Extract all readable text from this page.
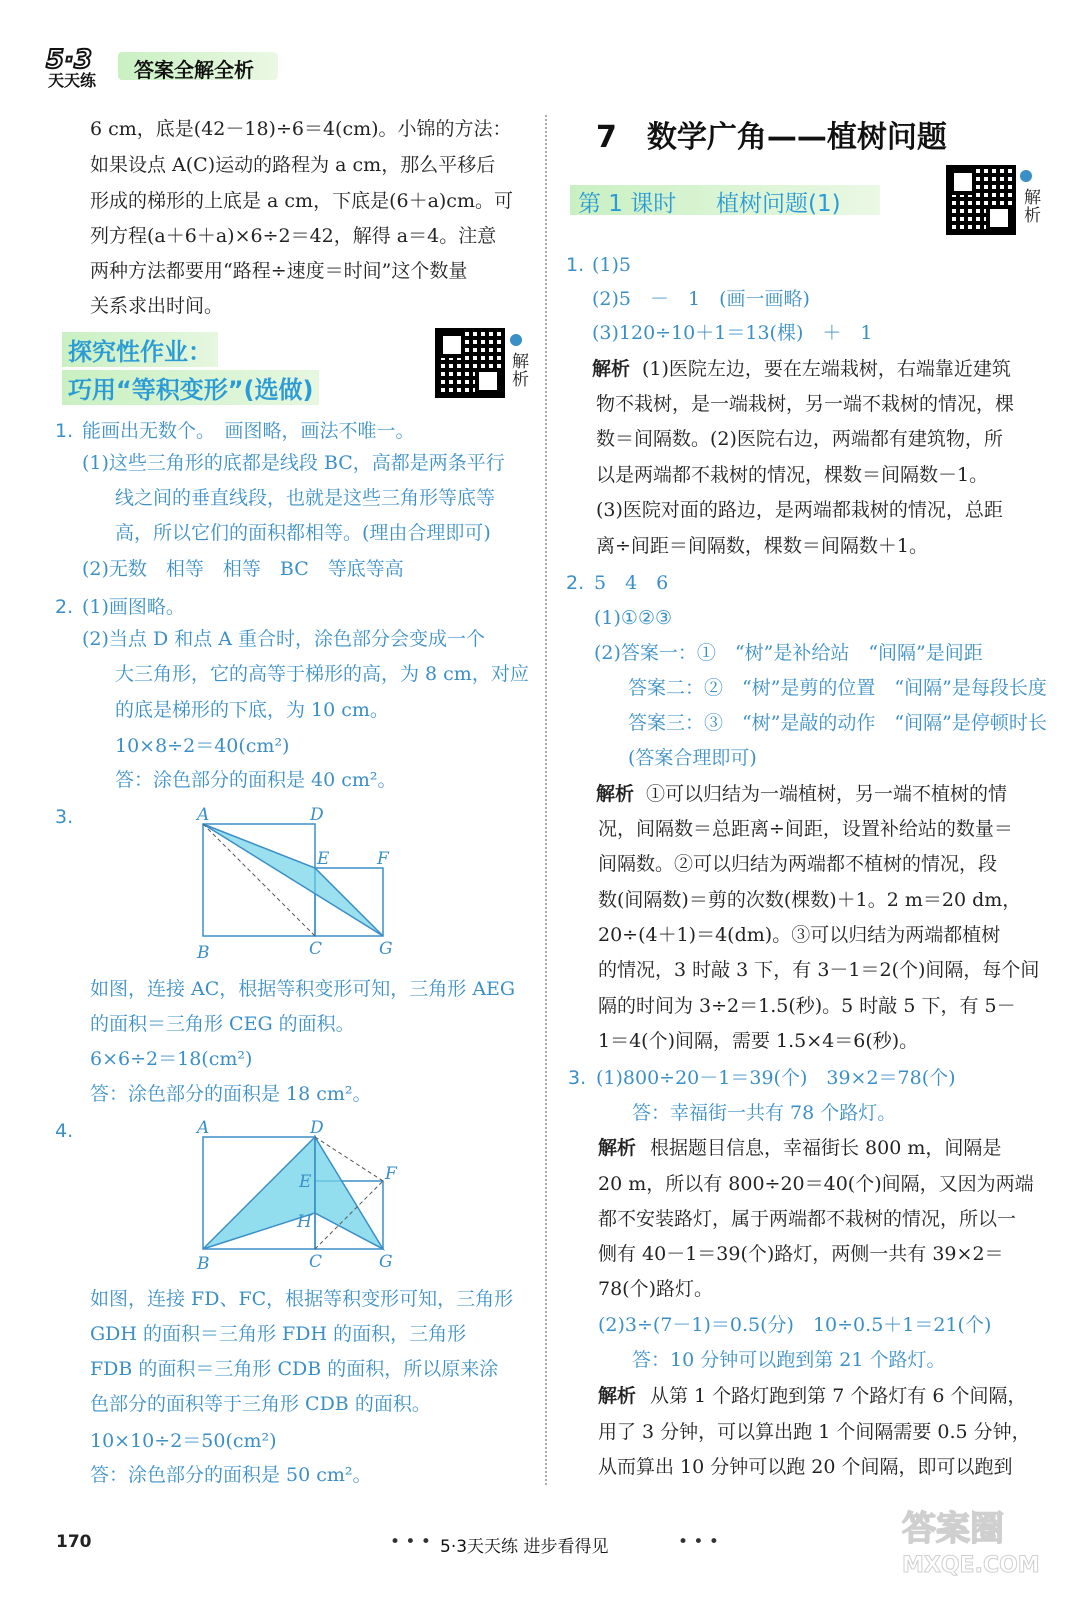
5·3
天天练 答案全解全析
6 cm，底是(42－18)÷6＝4(cm)。小锦的方法：
如果设点 A(C)运动的路程为 a cm，那么平移后
形成的梯形的上底是 a cm，下底是(6＋a)cm。可
列方程(a＋6＋a)×6÷2＝42，解得 a＝4。注意
两种方法都要用“路程÷速度＝时间”这个数量
关系求出时间。
探究性作业：
巧用“等积变形”(选做)
解析
1. 能画出无数个。　画图略，画法不唯一。
(1)这些三角形的底都是线段 BC，高都是两条平行
线之间的垂直线段，也就是这些三角形等底等
高，所以它们的面积都相等。(理由合理即可)
(2)无数　相等　相等　BC　等底等高
2. (1)画图略。
(2)当点 D 和点 A 重合时，涂色部分会变成一个
大三角形，它的高等于梯形的高，为 8 cm，对应
的底是梯形的下底，为 10 cm。
10×8÷2＝40(cm²)
答：涂色部分的面积是 40 cm²。
3.	A	D
E	F
B	C	G
如图，连接 AC，根据等积变形可知，三角形 AEG
的面积＝三角形 CEG 的面积。
6×6÷2＝18(cm²)
答：涂色部分的面积是 18 cm²。
4.	A	D
E	F
H
B	C	G
如图，连接 FD、FC，根据等积变形可知，三角形
GDH 的面积＝三角形 FDH 的面积，三角形
FDB 的面积＝三角形 CDB 的面积，所以原来涂
色部分的面积等于三角形 CDB 的面积。
10×10÷2＝50(cm²)
答：涂色部分的面积是 50 cm²。
7　数学广角——植树问题
第 1 课时 植树问题(1)	解析
1. (1)5
(2)5　－　1　(画一画略)
(3)120÷10＋1＝13(棵)　＋　1
解析 (1)医院左边，要在左端栽树，右端靠近建筑
物不栽树，是一端栽树，另一端不栽树的情况，棵
数＝间隔数。(2)医院右边，两端都有建筑物，所
以是两端都不栽树的情况，棵数＝间隔数－1。
(3)医院对面的路边，是两端都栽树的情况，总距
离÷间距＝间隔数，棵数＝间隔数＋1。
2. 5　4　6
(1)①②③
(2)答案一：①　“树”是补给站　“间隔”是间距
答案二：②　“树”是剪的位置　“间隔”是每段长度
答案三：③　“树”是敲的动作　“间隔”是停顿时长
(答案合理即可)
解析 ①可以归结为一端植树，另一端不植树的情
况，间隔数＝总距离÷间距，设置补给站的数量＝
间隔数。②可以归结为两端都不植树的情况，段
数(间隔数)＝剪的次数(棵数)＋1。2 m＝20 dm，
20÷(4＋1)＝4(dm)。③可以归结为两端都植树
的情况，3 时敲 3 下，有 3－1＝2(个)间隔，每个间
隔的时间为 3÷2＝1.5(秒)。5 时敲 5 下，有 5－
1＝4(个)间隔，需要 1.5×4＝6(秒)。
3. (1)800÷20－1＝39(个)　39×2＝78(个)
答：幸福街一共有 78 个路灯。
解析 根据题目信息，幸福街长 800 m，间隔是
20 m，所以有 800÷20＝40(个)间隔，又因为两端
都不安装路灯，属于两端都不栽树的情况，所以一
侧有 40－1＝39(个)路灯，两侧一共有 39×2＝
78(个)路灯。
(2)3÷(7－1)＝0.5(分)　10÷0.5＋1＝21(个)
答：10 分钟可以跑到第 21 个路灯。
解析 从第 1 个路灯跑到第 7 个路灯有 6 个间隔，
用了 3 分钟，可以算出跑 1 个间隔需要 0.5 分钟，
从而算出 10 分钟可以跑 20 个间隔，即可以跑到
170	• • • 5·3天天练 进步看得见	• • •	答案圈
MXQE.COM
